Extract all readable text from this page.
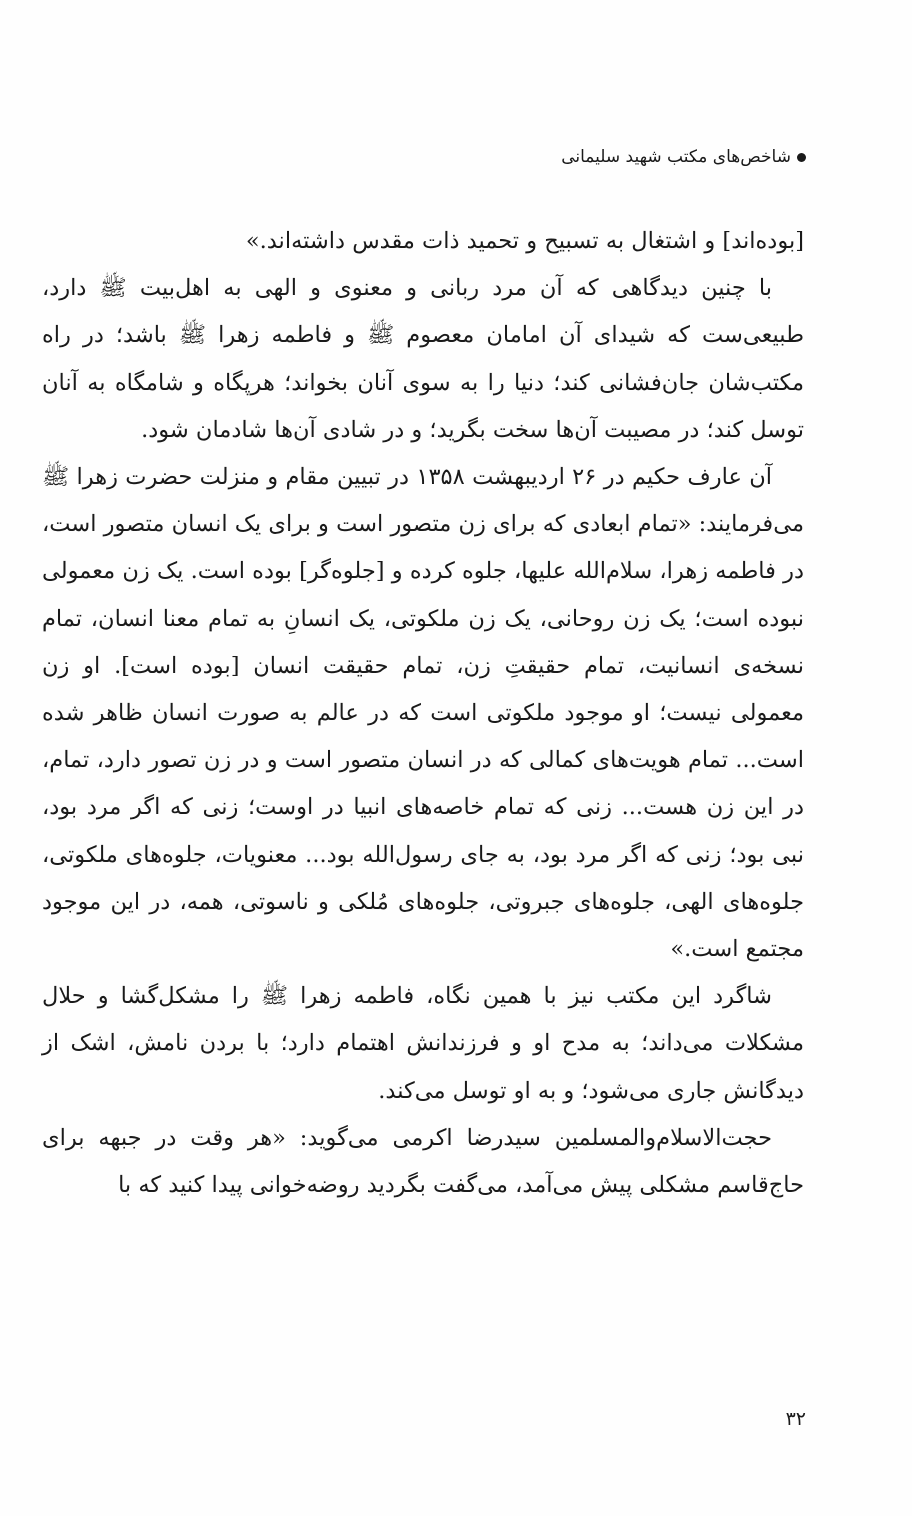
شاخص‌های مکتب شهید سلیمانی

[بوده‌اند] و اشتغال به تسبیح و تحمید ذات مقدس داشته‌اند.»

با چنین دیدگاهی که آن مرد ربانی و معنوی و الهی به اهل‌بیت ﷺ دارد، طبیعی‌ست که شیدای آن امامان معصوم ﷺ و فاطمه زهرا ﷺ باشد؛ در راه مکتب‌شان جان‌فشانی کند؛ دنیا را به سوی آنان بخواند؛ هرپگاه و شامگاه به آنان توسل کند؛ در مصیبت آن‌ها سخت بگرید؛ و در شادی آن‌ها شادمان شود.

آن عارف حکیم در ۲۶ اردیبهشت ۱۳۵۸ در تبیین مقام و منزلت حضرت زهرا ﷺ می‌فرمایند: «تمام ابعادی که برای زن متصور است و برای یک انسان متصور است، در فاطمه زهرا، سلام‌الله علیها، جلوه کرده و [جلوه‌گر] بوده است. یک زن معمولی نبوده است؛ یک زن روحانی، یک زن ملکوتی، یک انسانِ به تمام معنا انسان، تمام نسخه‌ی انسانیت، تمام حقیقتِ زن، تمام حقیقت انسان [بوده است]. او زن معمولی نیست؛ او موجود ملکوتی است که در عالم به صورت انسان ظاهر شده است... تمام هویت‌های کمالی که در انسان متصور است و در زن تصور دارد، تمام، در این زن هست... زنی که تمام خاصه‌های انبیا در اوست؛ زنی که اگر مرد بود، نبی بود؛ زنی که اگر مرد بود، به جای رسول‌الله بود... معنویات، جلوه‌های ملکوتی، جلوه‌های الهی، جلوه‌های جبروتی، جلوه‌های مُلکی و ناسوتی، همه، در این موجود مجتمع است.»

شاگرد این مکتب نیز با همین نگاه، فاطمه زهرا ﷺ را مشکل‌گشا و حلال مشکلات می‌داند؛ به مدح او و فرزندانش اهتمام دارد؛ با بردن نامش، اشک از دیدگانش جاری می‌شود؛ و به او توسل می‌کند.

حجت‌الاسلام‌والمسلمین سیدرضا اکرمی می‌گوید: «هر وقت در جبهه برای حاج‌قاسم مشکلی پیش می‌آمد، می‌گفت بگردید روضه‌خوانی پیدا کنید که با

۳۲
